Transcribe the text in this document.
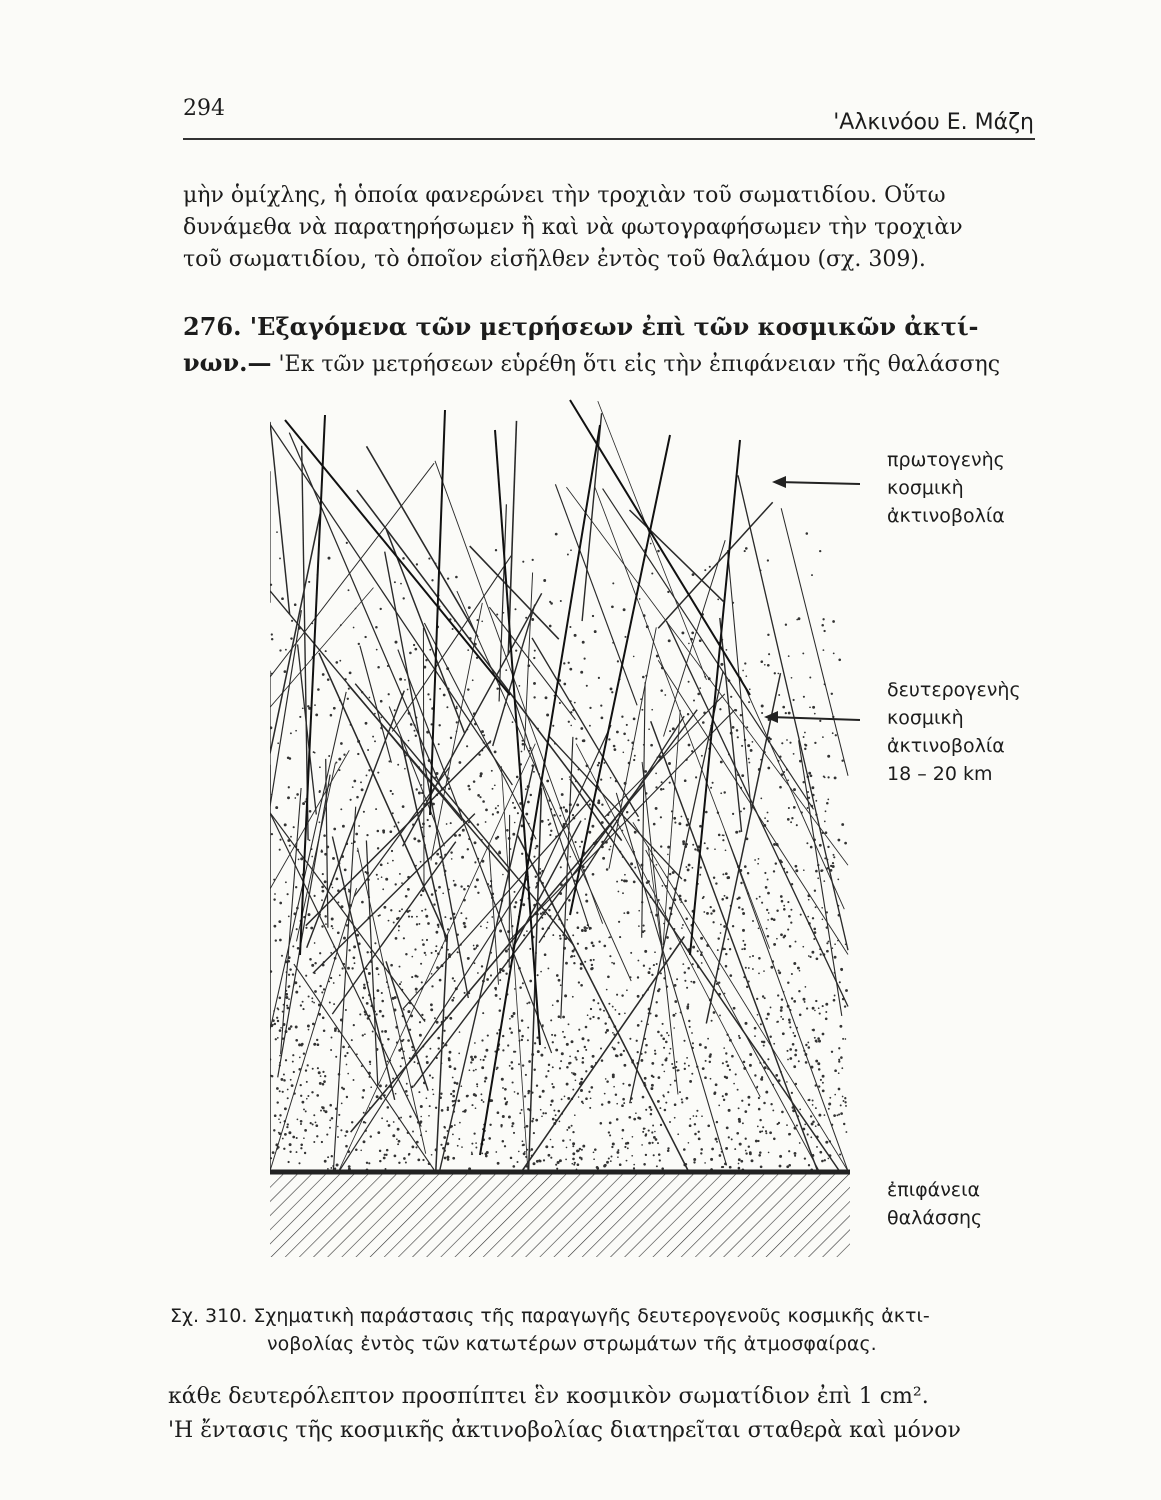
294
'Αλκινόου Ε. Μάζη
μὴν ὁμίχλης, ἡ ὁποία φανερώνει τὴν τροχιὰν τοῦ σωματιδίου. Οὕτω
δυνάμεθα νὰ παρατηρήσωμεν ἢ καὶ νὰ φωτογραφήσωμεν τὴν τροχιὰν
τοῦ σωματιδίου, τὸ ὁποῖον εἰσῆλθεν ἐντὸς τοῦ θαλάμου (σχ. 309).
276. 'Εξαγόμενα τῶν μετρήσεων ἐπὶ τῶν κοσμικῶν ἀκτί-
νων.— 'Εκ τῶν μετρήσεων εὑρέθη ὅτι εἰς τὴν ἐπιφάνειαν τῆς θαλάσσης
πρωτογενὴς
κοσμικὴ
ἀκτινοβολία
δευτερογενὴς
κοσμικὴ
ἀκτινοβολία
18 – 20 km
ἐπιφάνεια
θαλάσσης
Σχ. 310. Σχηματικὴ παράστασις τῆς παραγωγῆς δευτερογενοῦς κοσμικῆς ἀκτι-
νοβολίας ἐντὸς τῶν κατωτέρων στρωμάτων τῆς ἀτμοσφαίρας.
κάθε δευτερόλεπτον προσπίπτει ἓν κοσμικὸν σωματίδιον ἐπὶ 1 cm².
'Η ἔντασις τῆς κοσμικῆς ἀκτινοβολίας διατηρεῖται σταθερὰ καὶ μόνον
